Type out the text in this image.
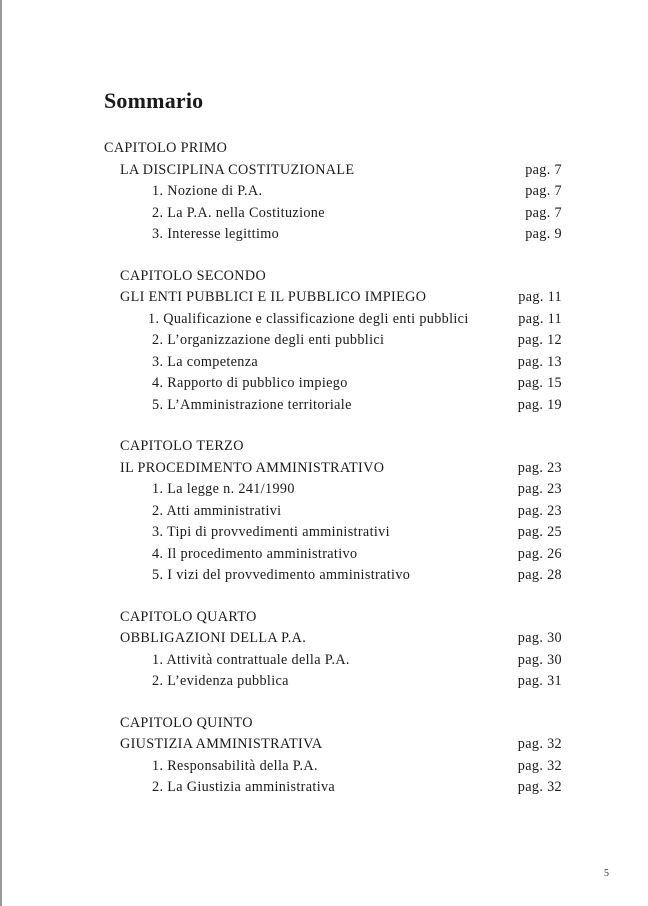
Sommario
CAPITOLO PRIMO
LA DISCIPLINA COSTITUZIONALE	pag. 7
1. Nozione di P.A.	pag. 7
2. La P.A. nella Costituzione	pag. 7
3. Interesse legittimo	pag. 9
CAPITOLO SECONDO
GLI ENTI PUBBLICI E IL PUBBLICO IMPIEGO	pag. 11
1. Qualificazione e classificazione degli enti pubblici	pag. 11
2. L’organizzazione degli enti pubblici	pag. 12
3. La competenza	pag. 13
4. Rapporto di pubblico impiego	pag. 15
5. L’Amministrazione territoriale	pag. 19
CAPITOLO TERZO
IL PROCEDIMENTO AMMINISTRATIVO	pag. 23
1. La legge n. 241/1990	pag. 23
2. Atti amministrativi	pag. 23
3. Tipi di provvedimenti amministrativi	pag. 25
4. Il procedimento amministrativo	pag. 26
5. I vizi del provvedimento amministrativo	pag. 28
CAPITOLO QUARTO
OBBLIGAZIONI DELLA P.A.	pag. 30
1. Attività contrattuale della P.A.	pag. 30
2. L’evidenza pubblica	pag. 31
CAPITOLO QUINTO
GIUSTIZIA AMMINISTRATIVA	pag. 32
1. Responsabilità della P.A.	pag. 32
2. La Giustizia amministrativa	pag. 32
5
